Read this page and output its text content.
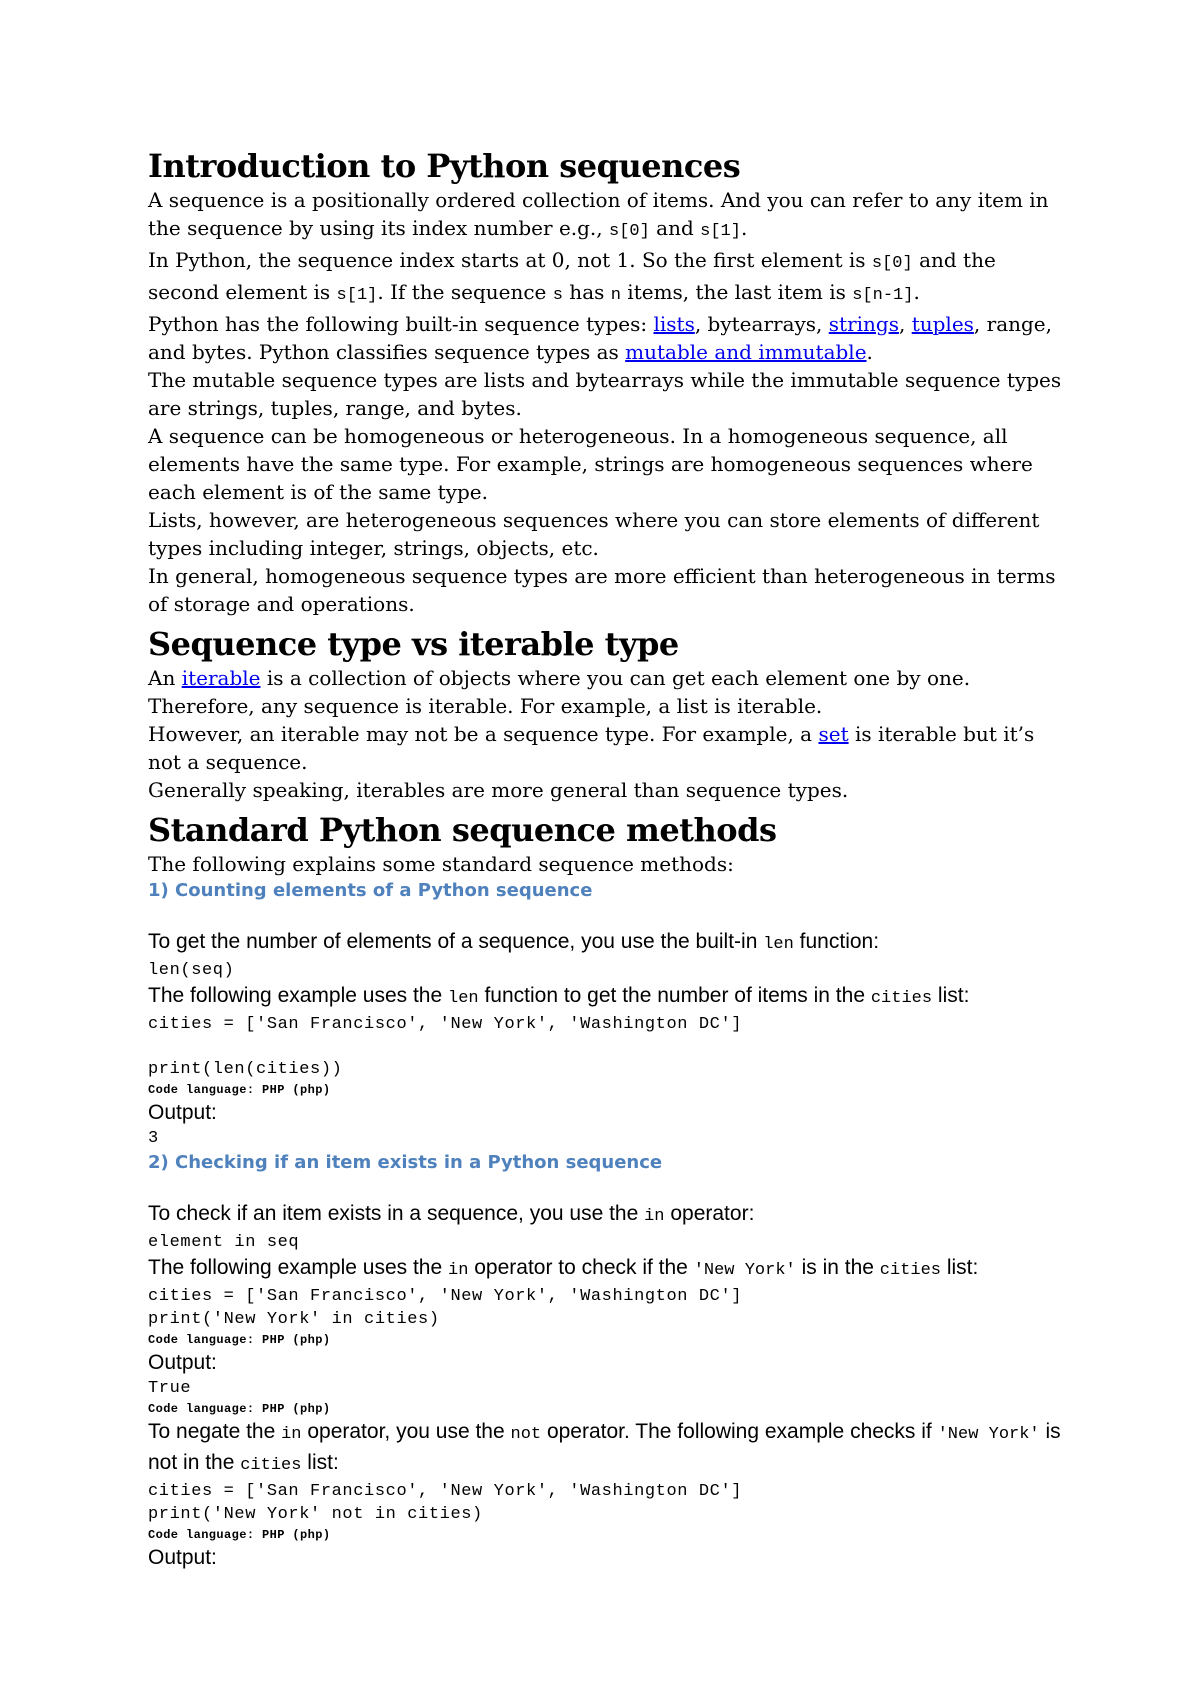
Introduction to Python sequences

A sequence is a positionally ordered collection of items. And you can refer to any item in the sequence by using its index number e.g., s[0] and s[1].

In Python, the sequence index starts at 0, not 1. So the first element is s[0] and the second element is s[1]. If the sequence s has n items, the last item is s[n-1].

Python has the following built-in sequence types: lists, bytearrays, strings, tuples, range, and bytes. Python classifies sequence types as mutable and immutable.

The mutable sequence types are lists and bytearrays while the immutable sequence types are strings, tuples, range, and bytes.

A sequence can be homogeneous or heterogeneous. In a homogeneous sequence, all elements have the same type. For example, strings are homogeneous sequences where each element is of the same type.

Lists, however, are heterogeneous sequences where you can store elements of different types including integer, strings, objects, etc.

In general, homogeneous sequence types are more efficient than heterogeneous in terms of storage and operations.

Sequence type vs iterable type

An iterable is a collection of objects where you can get each element one by one. Therefore, any sequence is iterable. For example, a list is iterable.

However, an iterable may not be a sequence type. For example, a set is iterable but it’s not a sequence.

Generally speaking, iterables are more general than sequence types.

Standard Python sequence methods

The following explains some standard sequence methods:

1) Counting elements of a Python sequence

To get the number of elements of a sequence, you use the built-in len function:

len(seq)

The following example uses the len function to get the number of items in the cities list:

cities = ['San Francisco', 'New York', 'Washington DC']
print(len(cities))
Code language: PHP (php)
Output:
3

2) Checking if an item exists in a Python sequence

To check if an item exists in a sequence, you use the in operator:

element in seq

The following example uses the in operator to check if the 'New York' is in the cities list:

cities = ['San Francisco', 'New York', 'Washington DC']
print('New York' in cities)
Code language: PHP (php)
Output:
True
Code language: PHP (php)

To negate the in operator, you use the not operator. The following example checks if 'New York' is not in the cities list:

cities = ['San Francisco', 'New York', 'Washington DC']
print('New York' not in cities)
Code language: PHP (php)
Output:
